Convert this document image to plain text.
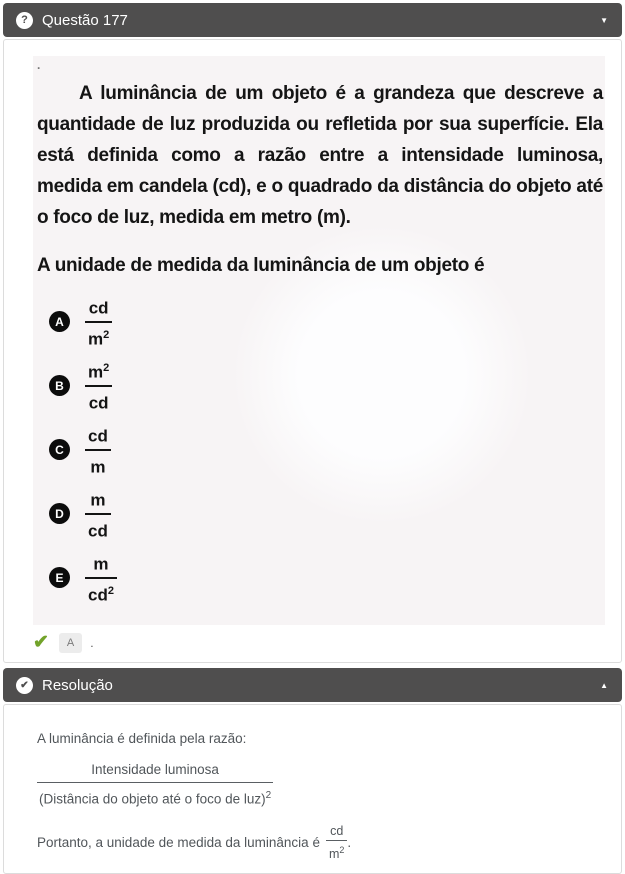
? Questão 177	▼
.
A luminância de um objeto é a grandeza que descreve a quantidade de luz produzida ou refletida por sua superfície. Ela está definida como a razão entre a intensidade luminosa, medida em candela (cd), e o quadrado da distância do objeto até o foco de luz, medida em metro (m).
A unidade de medida da luminância de um objeto é
A	$\frac{cd}{m^2}$
B	$\frac{m^2}{cd}$
C	$\frac{cd}{m}$
D	$\frac{m}{cd}$
E	$\frac{m}{cd^2}$
✔	A	.
✔ Resolução	▲
A luminância é definida pela razão:
$\frac{\text{Intensidade luminosa}}{(Distância do objeto até o foco de luz)^2}$
Portanto, a unidade de medida da luminância é $\frac{cd}{m^2}$ .
